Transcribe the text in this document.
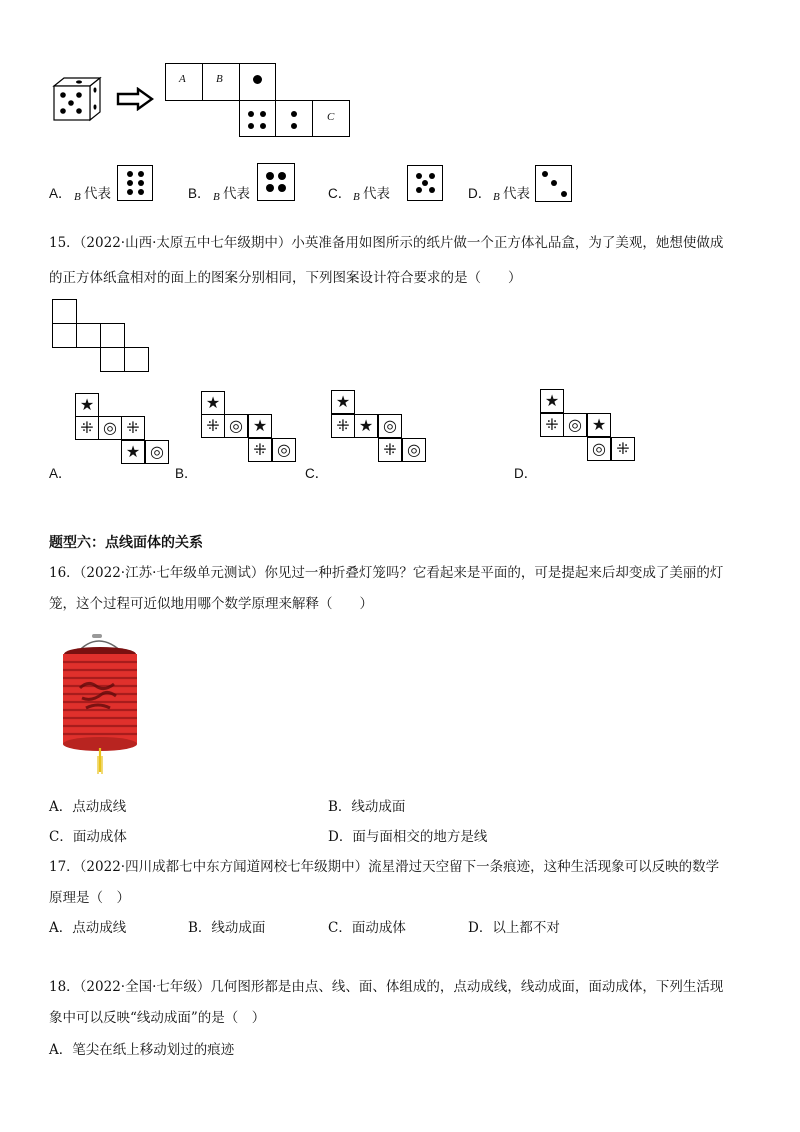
A	B
C
A． B 代表	B． B 代表	C． B 代表	D． B 代表
15．（2022·山西·太原五中七年级期中）小英准备用如图所示的纸片做一个正方体礼品盒，为了美观，她想使做成
的正方体纸盒相对的面上的图案分别相同，下列图案设计符合要求的是（　　）
★
⁜ ◎ ⁜
★ ◎
A．
★
⁜ ◎ ★
⁜ ◎
B．
★
⁜ ★ ◎
⁜ ◎
C．
★
⁜ ◎ ★
◎ ⁜
D．
题型六：点线面体的关系
16．（2022·江苏·七年级单元测试）你见过一种折叠灯笼吗？它看起来是平面的，可是提起来后却变成了美丽的灯
笼，这个过程可近似地用哪个数学原理来解释（　　）
A．点动成线	B．线动成面
C．面动成体	D．面与面相交的地方是线
17．（2022·四川成都七中东方闻道网校七年级期中）流星滑过天空留下一条痕迹，这种生活现象可以反映的数学
原理是（　）
A．点动成线	B．线动成面	C．面动成体	D．以上都不对
18．（2022·全国·七年级）几何图形都是由点、线、面、体组成的，点动成线，线动成面，面动成体，下列生活现
象中可以反映“线动成面”的是（　）
A．笔尖在纸上移动划过的痕迹
